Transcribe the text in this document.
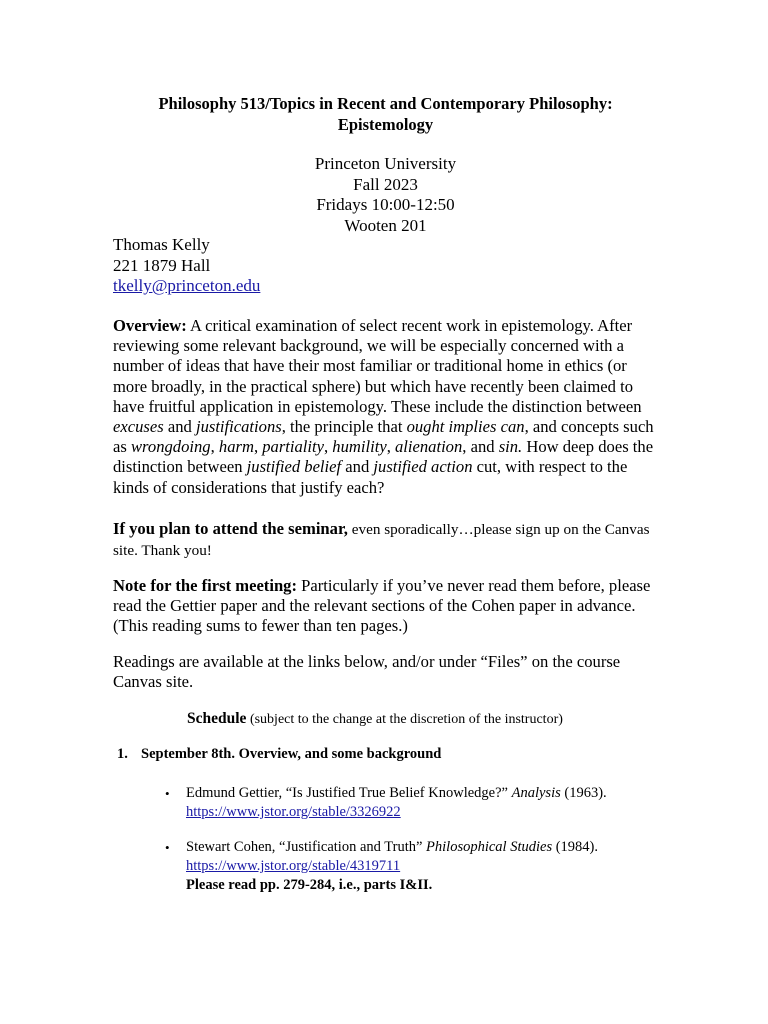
Philosophy 513/Topics in Recent and Contemporary Philosophy:
Epistemology
Princeton University
Fall 2023
Fridays 10:00-12:50
Wooten 201
Thomas Kelly
221 1879 Hall
tkelly@princeton.edu
Overview: A critical examination of select recent work in epistemology. After reviewing some relevant background, we will be especially concerned with a number of ideas that have their most familiar or traditional home in ethics (or more broadly, in the practical sphere) but which have recently been claimed to have fruitful application in epistemology. These include the distinction between excuses and justifications, the principle that ought implies can, and concepts such as wrongdoing, harm, partiality, humility, alienation, and sin. How deep does the distinction between justified belief and justified action cut, with respect to the kinds of considerations that justify each?
If you plan to attend the seminar, even sporadically…please sign up on the Canvas site. Thank you!
Note for the first meeting: Particularly if you’ve never read them before, please read the Gettier paper and the relevant sections of the Cohen paper in advance. (This reading sums to fewer than ten pages.)
Readings are available at the links below, and/or under “Files” on the course Canvas site.
Schedule (subject to the change at the discretion of the instructor)
1. September 8th. Overview, and some background
• Edmund Gettier, “Is Justified True Belief Knowledge?” Analysis (1963).
https://www.jstor.org/stable/3326922
• Stewart Cohen, “Justification and Truth” Philosophical Studies (1984).
https://www.jstor.org/stable/4319711
Please read pp. 279-284, i.e., parts I&II.
